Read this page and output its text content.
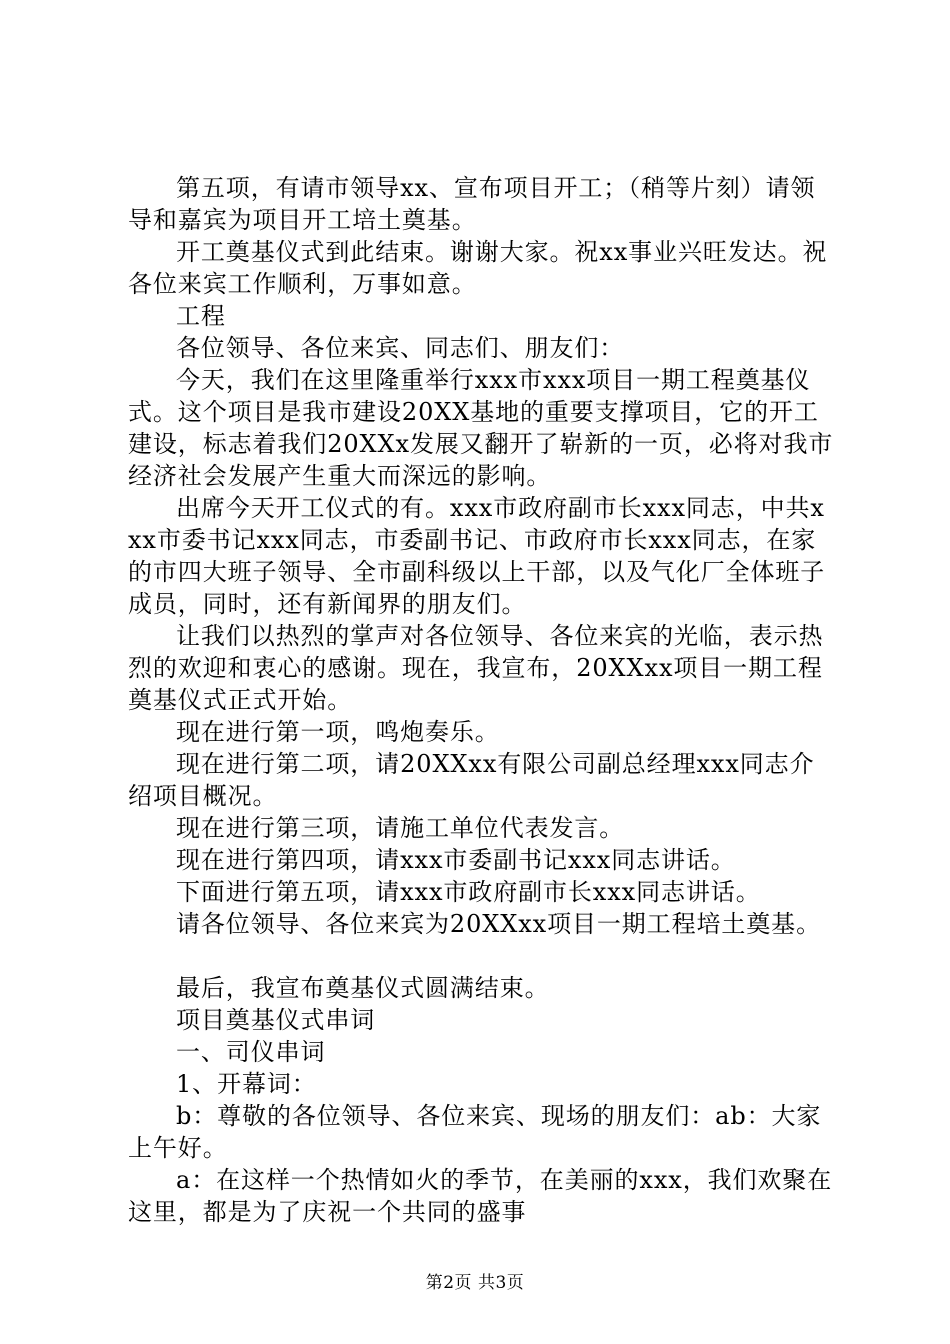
第五项，有请市领导xx、宣布项目开工；（稍等片刻）请领导和嘉宾为项目开工培土奠基。

开工奠基仪式到此结束。谢谢大家。祝xx事业兴旺发达。祝各位来宾工作顺利，万事如意。

工程

各位领导、各位来宾、同志们、朋友们：

今天，我们在这里隆重举行xxx市xxx项目一期工程奠基仪式。这个项目是我市建设20XX基地的重要支撑项目，它的开工建设，标志着我们20XXx发展又翻开了崭新的一页，必将对我市经济社会发展产生重大而深远的影响。

出席今天开工仪式的有。xxx市政府副市长xxx同志，中共xxx市委书记xxx同志，市委副书记、市政府市长xxx同志，在家的市四大班子领导、全市副科级以上干部，以及气化厂全体班子成员，同时，还有新闻界的朋友们。

让我们以热烈的掌声对各位领导、各位来宾的光临，表示热烈的欢迎和衷心的感谢。现在，我宣布，20XXxx项目一期工程奠基仪式正式开始。

现在进行第一项，鸣炮奏乐。

现在进行第二项，请20XXxx有限公司副总经理xxx同志介绍项目概况。

现在进行第三项，请施工单位代表发言。

现在进行第四项，请xxx市委副书记xxx同志讲话。

下面进行第五项，请xxx市政府副市长xxx同志讲话。

请各位领导、各位来宾为20XXxx项目一期工程培土奠基。

最后，我宣布奠基仪式圆满结束。

项目奠基仪式串词

一、司仪串词

1、开幕词：

b：尊敬的各位领导、各位来宾、现场的朋友们：ab：大家上午好。

a：在这样一个热情如火的季节，在美丽的xxx，我们欢聚在这里，都是为了庆祝一个共同的盛事

第2页 共3页
